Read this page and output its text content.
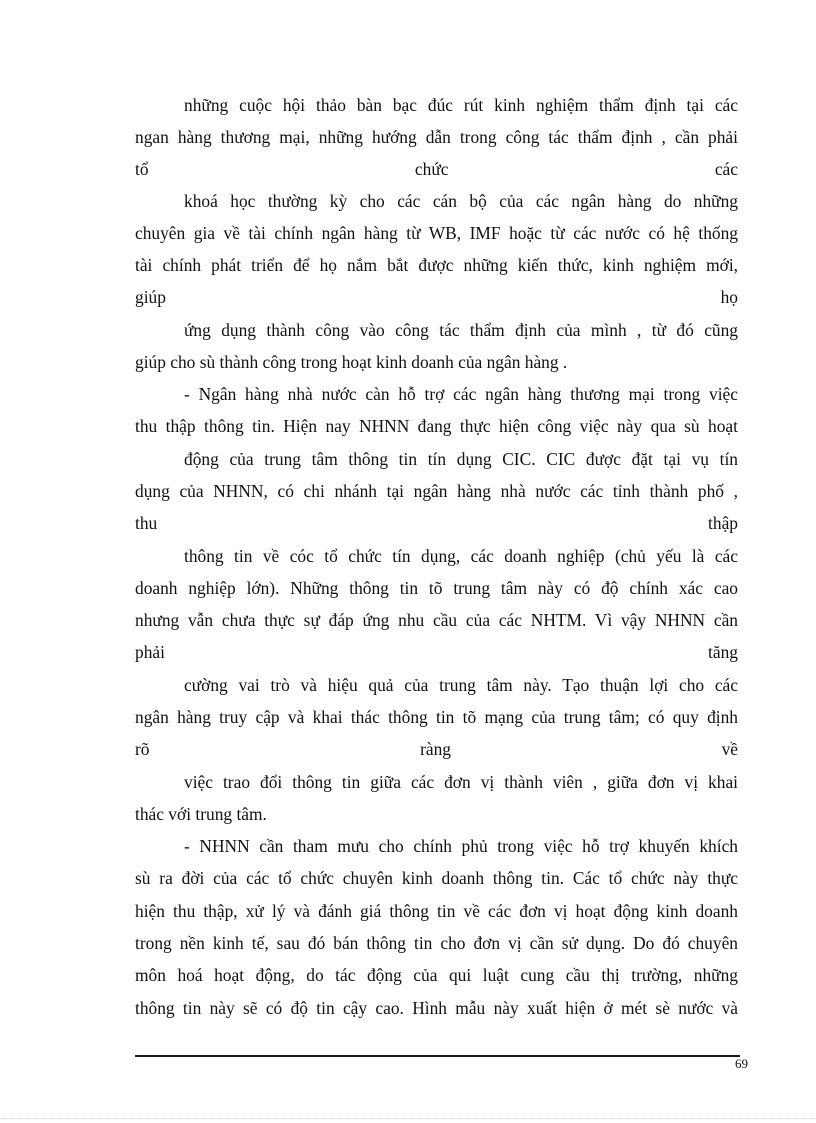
những cuộc hội thảo bàn bạc đúc rút kinh nghiệm thẩm định tại các
ngan hàng thương mại, những hướng dẫn trong công tác thẩm định , cần phải
tổ chức các
khoá học thường kỳ cho các cán bộ của các ngân hàng do những
chuyên gia về tài chính ngân hàng từ WB, IMF hoặc từ các nước có hệ thống
tài chính phát triển để họ nắm bắt được những kiến thức, kinh nghiệm mới,
giúp họ
ứng dụng thành công vào công tác thẩm định của mình , từ đó cũng
giúp cho sù thành công trong hoạt kinh doanh của ngân hàng .
- Ngân hàng nhà nước càn hỗ trợ các ngân hàng thương mại trong việc
thu thập thông tin. Hiện nay NHNN đang thực hiện công việc này qua sù hoạt
động của trung tâm thông tin tín dụng CIC. CIC được đặt tại vụ tín
dụng của NHNN, có chi nhánh tại ngân hàng nhà nước các tỉnh thành phố ,
thu thập
thông tin về cóc tổ chức tín dụng, các doanh nghiệp (chủ yếu là các
doanh nghiệp lớn). Những thông tin tõ trung tâm này có độ chính xác cao
nhưng vẫn chưa thực sự đáp ứng nhu cầu của các NHTM. Vì vậy NHNN cần
phải tăng
cường vai trò và hiệu quả của trung tâm này. Tạo thuận lợi cho các
ngân hàng truy cập và khai thác thông tin tõ mạng của trung tâm; có quy định
rõ ràng về
việc trao đổi thông tin giữa các đơn vị thành viên , giữa đơn vị khai
thác với trung tâm.
- NHNN cần tham mưu cho chính phủ trong việc hỗ trợ khuyến khích
sù ra đời của các tổ chức chuyên kinh doanh thông tin. Các tổ chức này thực
hiện thu thập, xử lý và đánh giá thông tin về các đơn vị hoạt động kinh doanh
trong nền kinh tế, sau đó bán thông tin cho đơn vị cần sử dụng. Do đó chuyên
môn hoá hoạt động, do tác động của qui luật cung cầu thị trường, những
thông tin này sẽ có độ tin cậy cao. Hình mẫu này xuất hiện ở mét sè nước và
69
